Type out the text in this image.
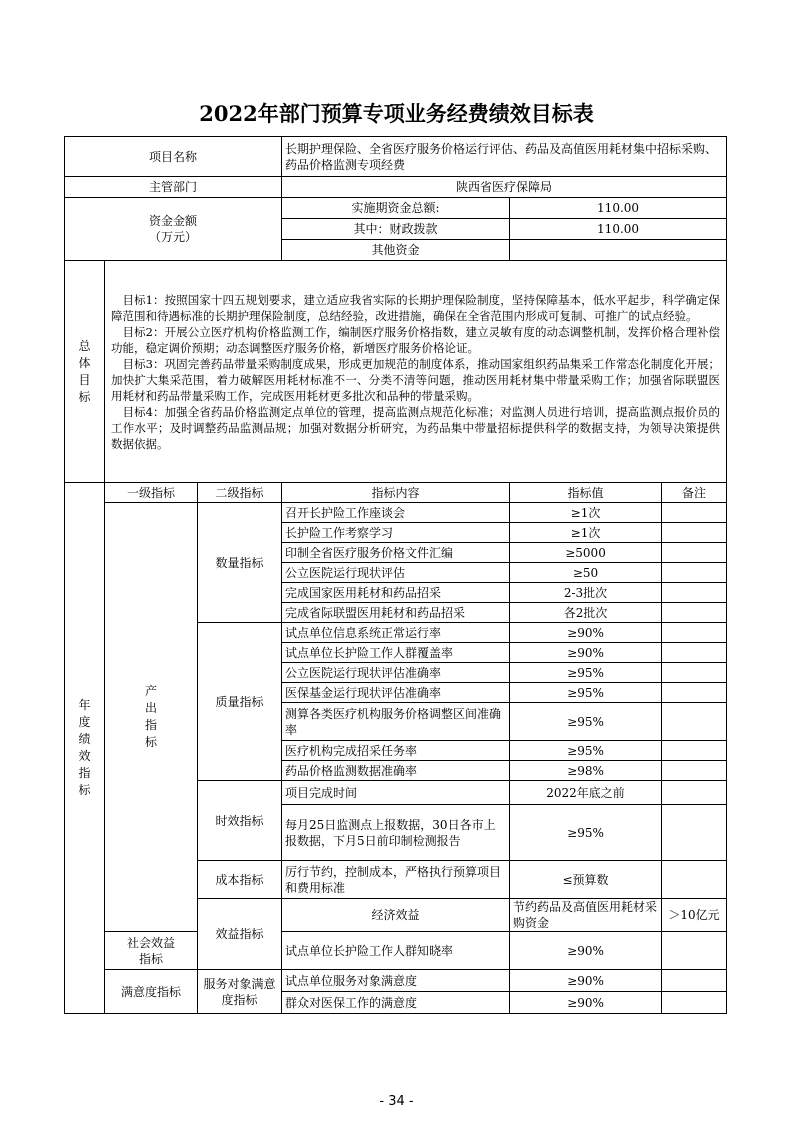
2022年部门预算专项业务经费绩效目标表
项目名称			长期护理保险、全省医疗服务价格运行评估、药品及高值医用耗材集中招标采购、药品价格监测专项经费			
主管部门			陕西省医疗保障局			

资金金额
（万元）			实施期资金总额:	110.00		
			其中：财政拨款	110.00		
			其他资金			
总体目标	目标1：按照国家十四五规划要求，建立适应我省实际的长期护理保险制度，坚持保障基本，低水平起步，科学确定保障范围和待遇标准的长期护理保险制度，总结经验，改进措施，确保在全省范围内形成可复制、可推广的试点经验。

目标2：开展公立医疗机构价格监测工作，编制医疗服务价格指数，建立灵敏有度的动态调整机制，发挥价格合理补偿功能，稳定调价预期；动态调整医疗服务价格，新增医疗服务价格论证。

目标3：巩固完善药品带量采购制度成果，形成更加规范的制度体系，推动国家组织药品集采工作常态化制度化开展；加快扩大集采范围，着力破解医用耗材标准不一、分类不清等问题，推动医用耗材集中带量采购工作；加强省际联盟医用耗材和药品带量采购工作，完成医用耗材更多批次和品种的带量采购。

目标4：加强全省药品价格监测定点单位的管理，提高监测点规范化标准；对监测人员进行培训，提高监测点报价员的工作水平；及时调整药品监测品规；加强对数据分析研究，为药品集中带量招标提供科学的数据支持，为领导决策提供数据依据。					

年度绩效指标	一级指标	二级指标	指标内容	指标值	备注	
	产出指标	数量指标	召开长护险工作座谈会	≥1次		
			长护险工作考察学习	≥1次		
			印制全省医疗服务价格文件汇编	≥5000		
			公立医院运行现状评估	≥50		
			完成国家医用耗材和药品招采	2-3批次		
			完成省际联盟医用耗材和药品招采	各2批次		
		质量指标	试点单位信息系统正常运行率	≥90%		
			试点单位长护险工作人群覆盖率	≥90%		
			公立医院运行现状评估准确率	≥95%		
			医保基金运行现状评估准确率	≥95%		
			测算各类医疗机构服务价格调整区间准确率	≥95%		
			医疗机构完成招采任务率	≥95%		
			药品价格监测数据准确率	≥98%		
		时效指标	项目完成时间	2022年底之前		
			每月25日监测点上报数据，30日各市上报数据，下月5日前印制检测报告	≥95%		
		成本指标	厉行节约，控制成本，严格执行预算项目和费用标准	≤预算数		
		效益指标	经济效益	节约药品及高值医用耗材采购资金	＞10亿元	
	社会效益指标		试点单位长护险工作人群知晓率	≥90%		
	满意度指标	服务对象满意度指标	试点单位服务对象满意度	≥90%		
			群众对医保工作的满意度	≥90%		
- 34 -
